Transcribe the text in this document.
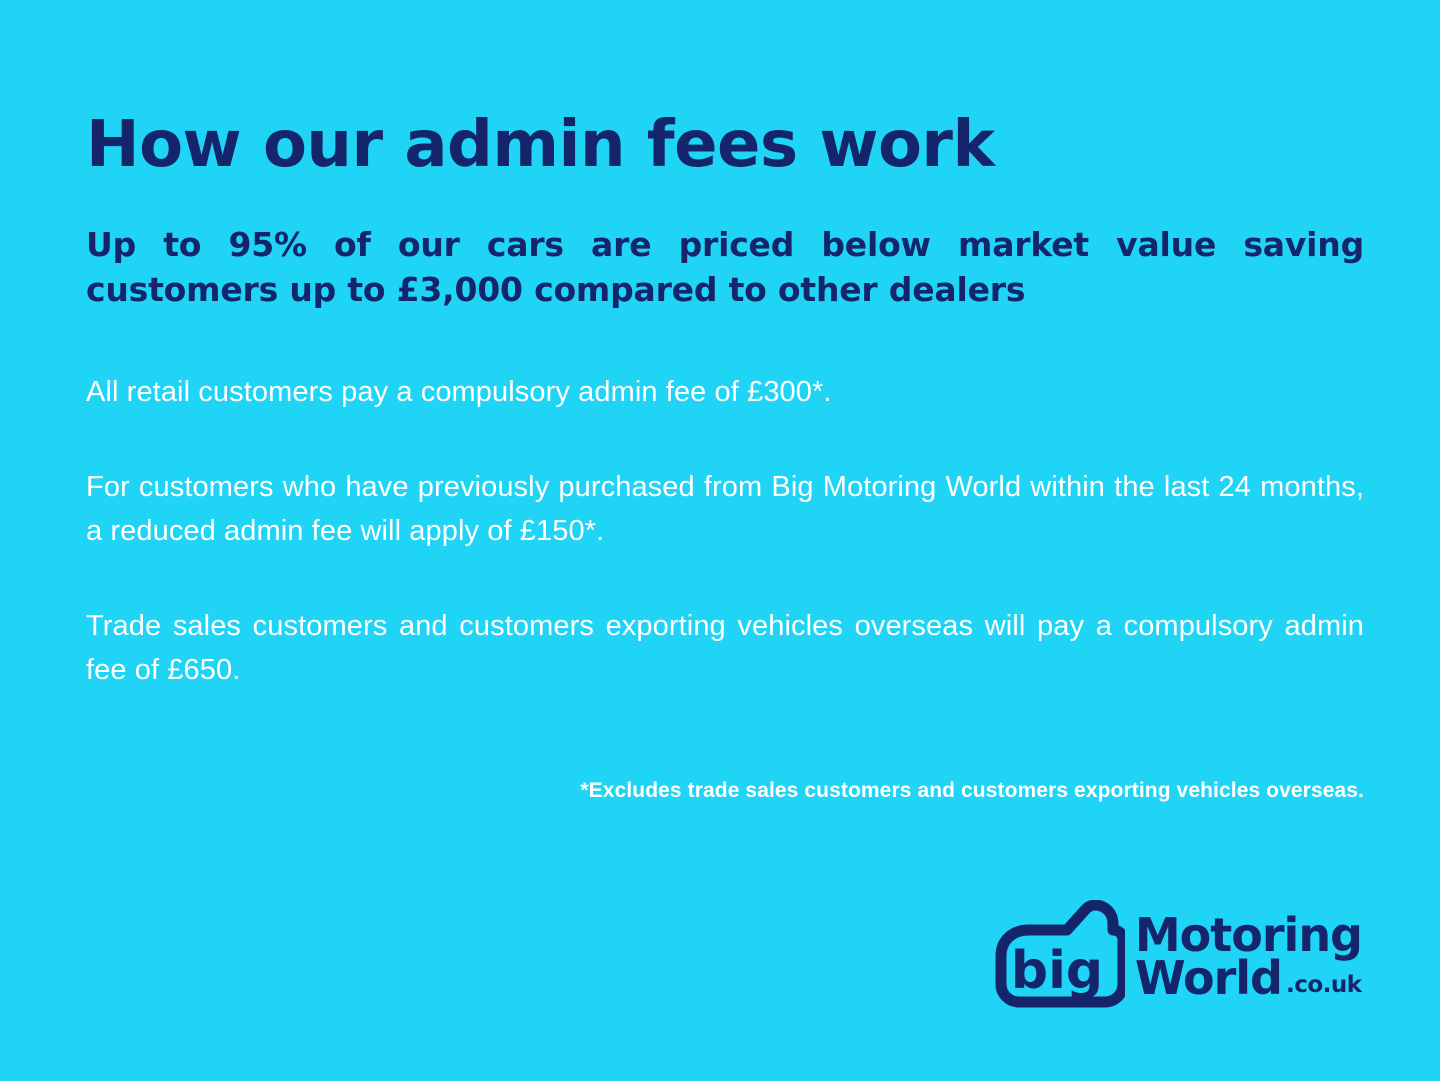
How our admin fees work

Up to 95% of our cars are priced below market value saving customers up to £3,000 compared to other dealers

All retail customers pay a compulsory admin fee of £300*.

For customers who have previously purchased from Big Motoring World within the last 24 months, a reduced admin fee will apply of £150*.

Trade sales customers and customers exporting vehicles overseas will pay a compulsory admin fee of £650.

*Excludes trade sales customers and customers exporting vehicles overseas.

big
Motoring
World .co.uk
